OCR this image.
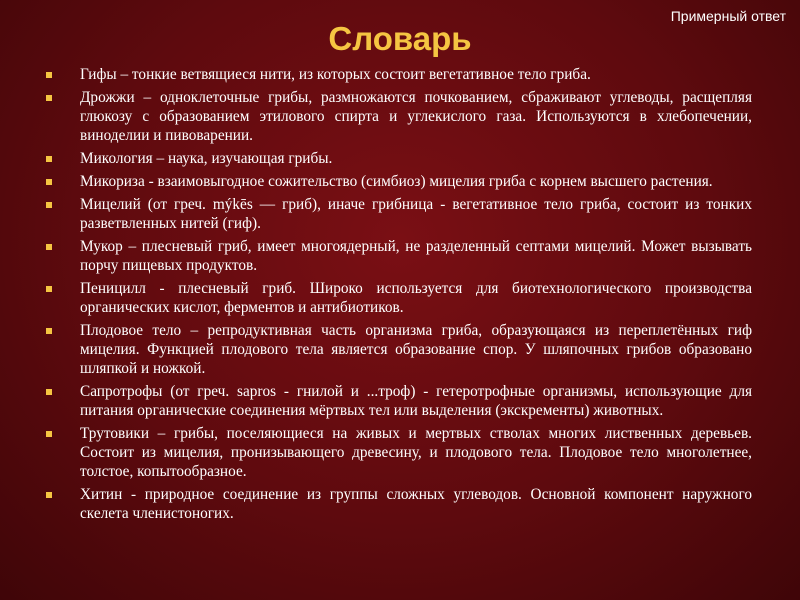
Примерный ответ
Словарь
Гифы – тонкие ветвящиеся нити, из которых состоит вегетативное тело гриба.
Дрожжи – одноклеточные грибы, размножаются почкованием, сбраживают углеводы, расщепляя глюкозу с образованием этилового спирта и углекислого газа. Используются в хлебопечении, виноделии и пивоварении.
Микология – наука, изучающая грибы.
Микориза - взаимовыгодное сожительство (симбиоз) мицелия гриба с корнем высшего растения.
Мицелий (от греч. mýkēs — гриб), иначе грибница - вегетативное тело гриба, состоит из тонких разветвленных нитей (гиф).
Мукор – плесневый гриб, имеет многоядерный, не разделенный септами мицелий. Может вызывать порчу пищевых продуктов.
Пеницилл - плесневый гриб. Широко используется для биотехнологического производства органических кислот, ферментов и антибиотиков.
Плодовое тело – репродуктивная часть организма гриба, образующаяся из переплетённых гиф мицелия. Функцией плодового тела является образование спор. У шляпочных грибов образовано шляпкой и ножкой.
Сапротрофы (от греч. sapros - гнилой и ...троф) - гетеротрофные организмы, использующие для питания органические соединения мёртвых тел или выделения (экскременты) животных.
Трутовики – грибы, поселяющиеся на живых и мертвых стволах многих лиственных деревьев. Состоит из мицелия, пронизывающего древесину, и плодового тела. Плодовое тело многолетнее, толстое, копытообразное.
Хитин - природное соединение из группы сложных углеводов. Основной компонент наружного скелета членистоногих.
